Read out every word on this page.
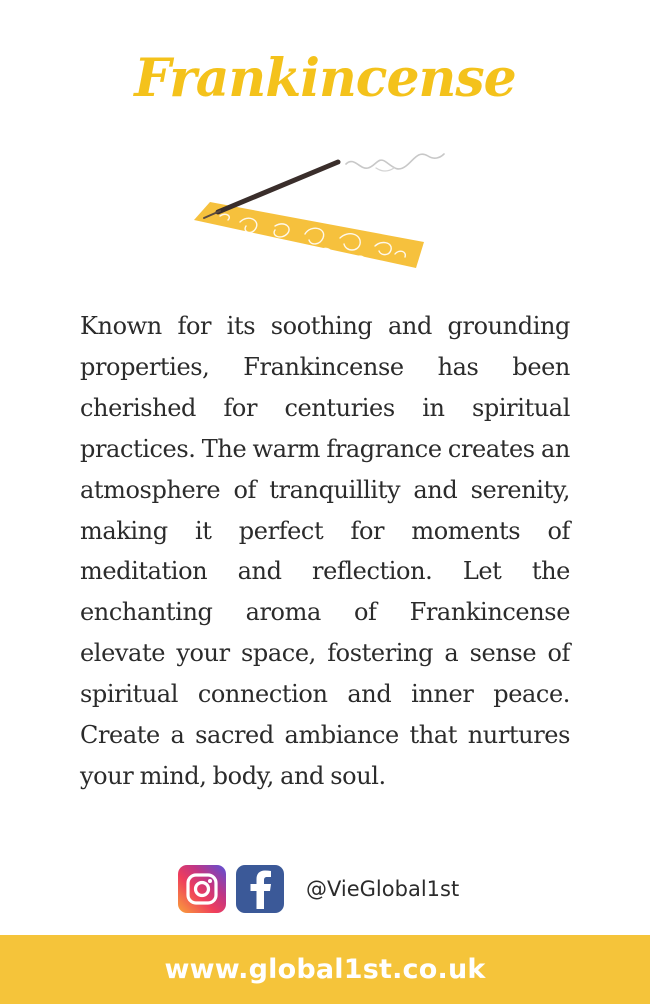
Frankincense

Known for its soothing and grounding properties, Frankincense has been cherished for centuries in spiritual practices. The warm fragrance creates an atmosphere of tranquillity and serenity, making it perfect for moments of meditation and reflection. Let the enchanting aroma of Frankincense elevate your space, fostering a sense of spiritual connection and inner peace. Create a sacred ambiance that nurtures your mind, body, and soul.

@VieGlobal1st
www.global1st.co.uk
